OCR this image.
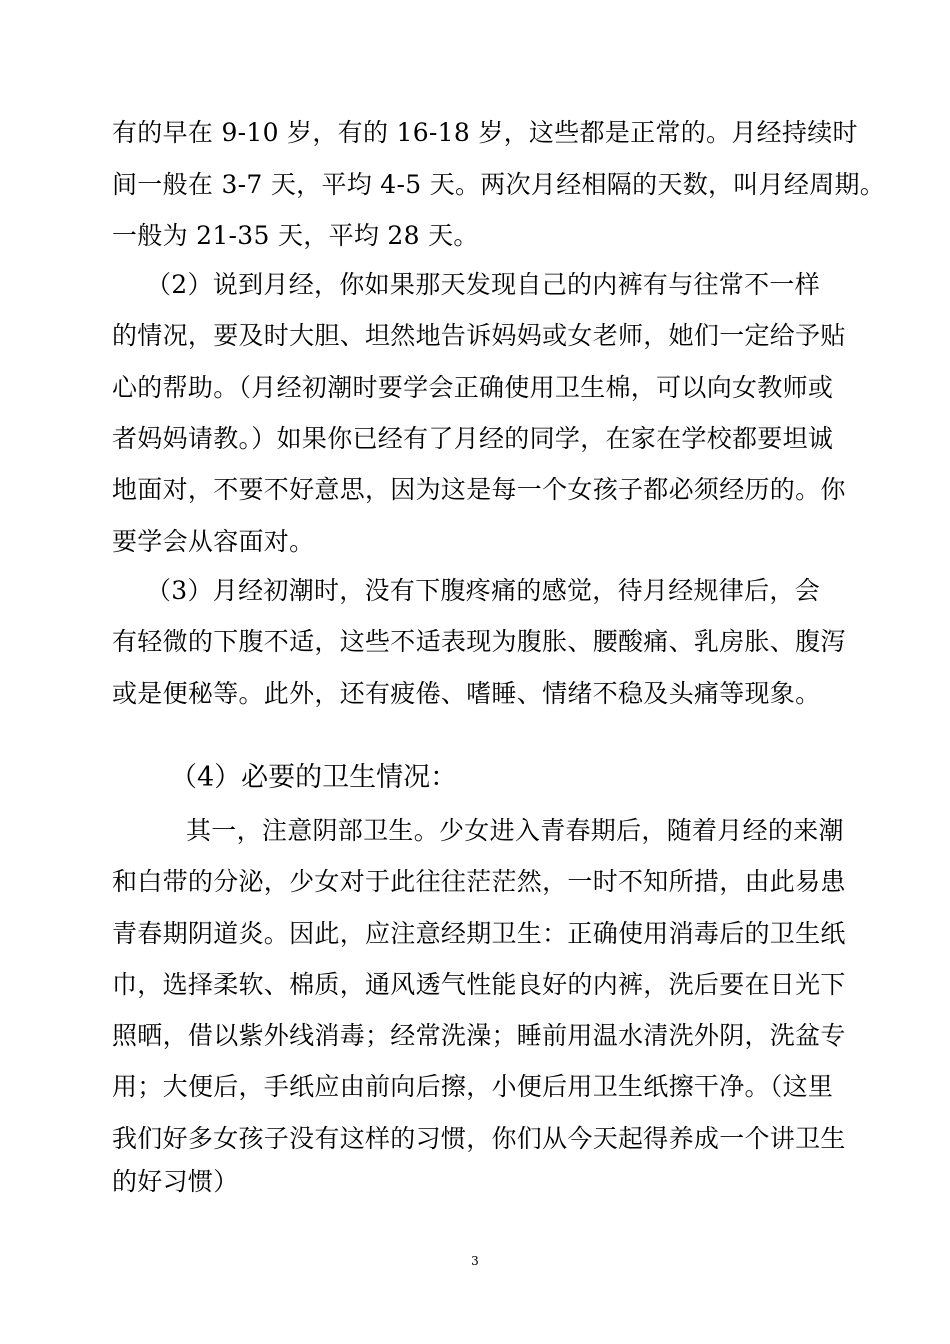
有的早在 9-10 岁，有的 16-18 岁，这些都是正常的。月经持续时

间一般在 3-7 天，平均 4-5 天。两次月经相隔的天数，叫月经周期。

一般为 21-35 天，平均 28 天。

（2）说到月经，你如果那天发现自己的内裤有与往常不一样

的情况，要及时大胆、坦然地告诉妈妈或女老师，她们一定给予贴

心的帮助。（月经初潮时要学会正确使用卫生棉，可以向女教师或

者妈妈请教。）如果你已经有了月经的同学，在家在学校都要坦诚

地面对，不要不好意思，因为这是每一个女孩子都必须经历的。你

要学会从容面对。

（3）月经初潮时，没有下腹疼痛的感觉，待月经规律后，会

有轻微的下腹不适，这些不适表现为腹胀、腰酸痛、乳房胀、腹泻

或是便秘等。此外，还有疲倦、嗜睡、情绪不稳及头痛等现象。

（4）必要的卫生情况：

其一，注意阴部卫生。少女进入青春期后，随着月经的来潮

和白带的分泌，少女对于此往往茫茫然，一时不知所措，由此易患

青春期阴道炎。因此，应注意经期卫生：正确使用消毒后的卫生纸

巾，选择柔软、棉质，通风透气性能良好的内裤，洗后要在日光下

照晒，借以紫外线消毒；经常洗澡；睡前用温水清洗外阴，洗盆专

用；大便后，手纸应由前向后擦，小便后用卫生纸擦干净。（这里

我们好多女孩子没有这样的习惯，你们从今天起得养成一个讲卫生

的好习惯）

3
